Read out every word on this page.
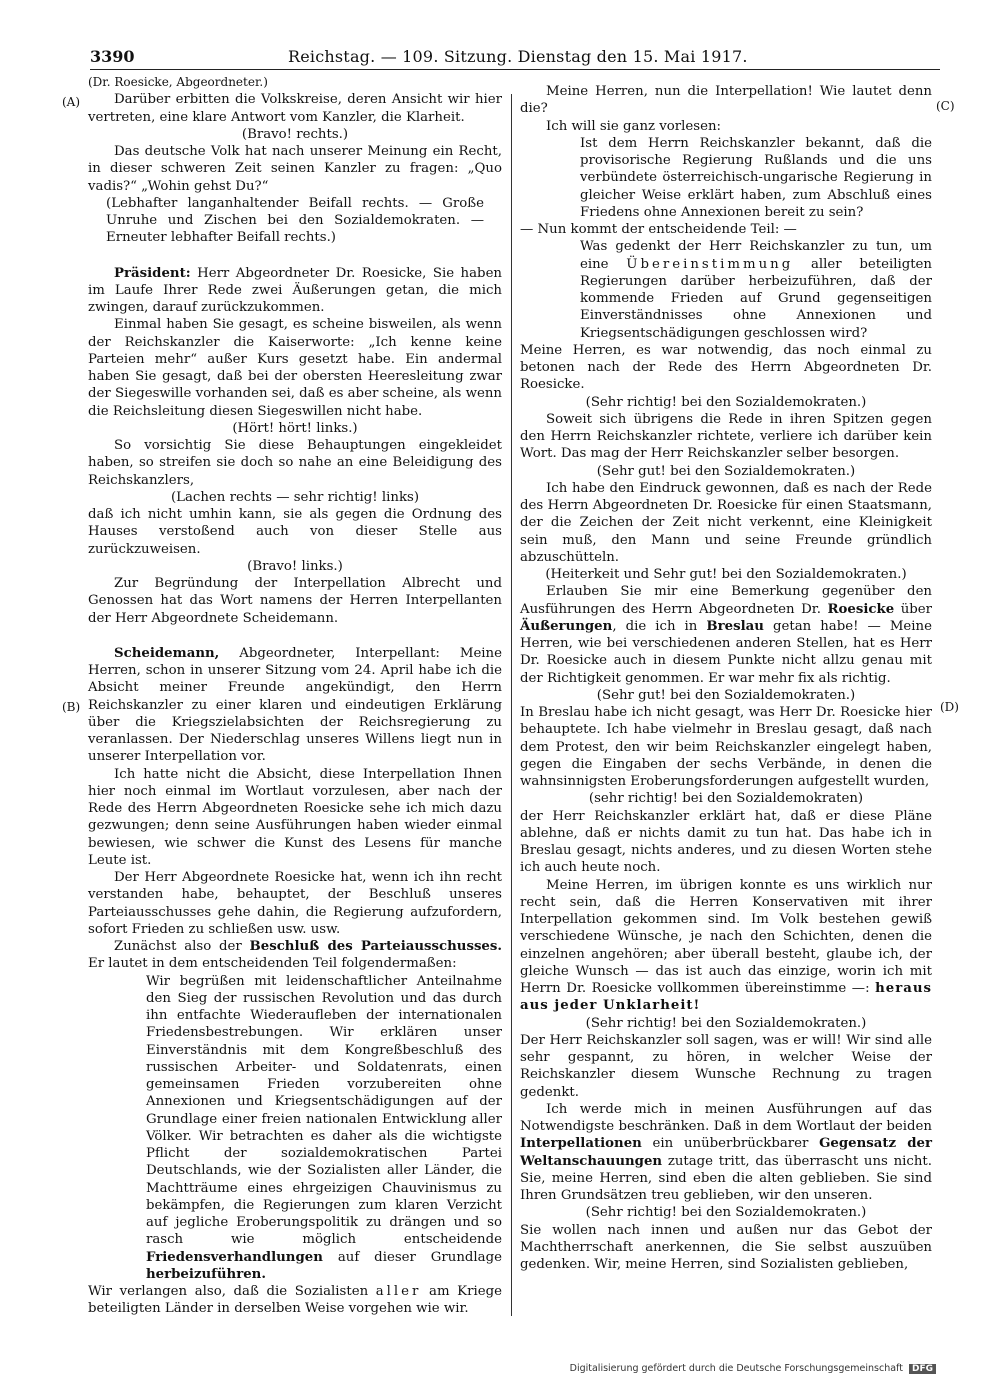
3390	Reichstag. — 109. Sitzung. Dienstag den 15. Mai 1917.
(A)
(B)
(C)
(D)

(Dr. Roesicke, Abgeordneter.)

Darüber erbitten die Volkskreise, deren Ansicht wir hier vertreten, eine klare Antwort vom Kanzler, die Klarheit.

(Bravo! rechts.)

Das deutsche Volk hat nach unserer Meinung ein Recht, in dieser schweren Zeit seinen Kanzler zu fragen: „Quo vadis?“ „Wohin gehst Du?“

(Lebhafter langanhaltender Beifall rechts. — Große Unruhe und Zischen bei den Sozialdemokraten. — Erneuter lebhafter Beifall rechts.)

Präsident: Herr Abgeordneter Dr. Roesicke, Sie haben im Laufe Ihrer Rede zwei Äußerungen getan, die mich zwingen, darauf zurückzukommen.

Einmal haben Sie gesagt, es scheine bisweilen, als wenn der Reichskanzler die Kaiserworte: „Ich kenne keine Parteien mehr“ außer Kurs gesetzt habe. Ein andermal haben Sie gesagt, daß bei der obersten Heeresleitung zwar der Siegeswille vorhanden sei, daß es aber scheine, als wenn die Reichsleitung diesen Siegeswillen nicht habe.

(Hört! hört! links.)

So vorsichtig Sie diese Behauptungen eingekleidet haben, so streifen sie doch so nahe an eine Beleidigung des Reichskanzlers,

(Lachen rechts — sehr richtig! links)

daß ich nicht umhin kann, sie als gegen die Ordnung des Hauses verstoßend auch von dieser Stelle aus zurückzuweisen.

(Bravo! links.)

Zur Begründung der Interpellation Albrecht und Genossen hat das Wort namens der Herren Interpellanten der Herr Abgeordnete Scheidemann.

Scheidemann, Abgeordneter, Interpellant: Meine Herren, schon in unserer Sitzung vom 24. April habe ich die Absicht meiner Freunde angekündigt, den Herrn Reichskanzler zu einer klaren und eindeutigen Erklärung über die Kriegszielabsichten der Reichsregierung zu veranlassen. Der Niederschlag unseres Willens liegt nun in unserer Interpellation vor.

Ich hatte nicht die Absicht, diese Interpellation Ihnen hier noch einmal im Wortlaut vorzulesen, aber nach der Rede des Herrn Abgeordneten Roesicke sehe ich mich dazu gezwungen; denn seine Ausführungen haben wieder einmal bewiesen, wie schwer die Kunst des Lesens für manche Leute ist.

Der Herr Abgeordnete Roesicke hat, wenn ich ihn recht verstanden habe, behauptet, der Beschluß unseres Parteiausschusses gehe dahin, die Regierung aufzufordern, sofort Frieden zu schließen usw. usw.

Zunächst also der Beschluß des Parteiausschusses. Er lautet in dem entscheidenden Teil folgendermaßen:

Wir begrüßen mit leidenschaftlicher Anteilnahme den Sieg der russischen Revolution und das durch ihn entfachte Wiederaufleben der internationalen Friedensbestrebungen. Wir erklären unser Einverständnis mit dem Kongreßbeschluß des russischen Arbeiter- und Soldatenrats, einen gemeinsamen Frieden vorzubereiten ohne Annexionen und Kriegsentschädigungen auf der Grundlage einer freien nationalen Entwicklung aller Völker. Wir betrachten es daher als die wichtigste Pflicht der sozialdemokratischen Partei Deutschlands, wie der Sozialisten aller Länder, die Machtträume eines ehrgeizigen Chauvinismus zu bekämpfen, die Regierungen zum klaren Verzicht auf jegliche Eroberungspolitik zu drängen und so rasch wie möglich entscheidende Friedensverhandlungen auf dieser Grundlage herbeizuführen.

Wir verlangen also, daß die Sozialisten aller am Kriege beteiligten Länder in derselben Weise vorgehen wie wir.

Meine Herren, nun die Interpellation! Wie lautet denn die?

Ich will sie ganz vorlesen:

Ist dem Herrn Reichskanzler bekannt, daß die provisorische Regierung Rußlands und die uns verbündete österreichisch-ungarische Regierung in gleicher Weise erklärt haben, zum Abschluß eines Friedens ohne Annexionen bereit zu sein?

— Nun kommt der entscheidende Teil: —

Was gedenkt der Herr Reichskanzler zu tun, um eine Übereinstimmung aller beteiligten Regierungen darüber herbeizuführen, daß der kommende Frieden auf Grund gegenseitigen Einverständnisses ohne Annexionen und Kriegsentschädigungen geschlossen wird?

Meine Herren, es war notwendig, das noch einmal zu betonen nach der Rede des Herrn Abgeordneten Dr. Roesicke.

(Sehr richtig! bei den Sozialdemokraten.)

Soweit sich übrigens die Rede in ihren Spitzen gegen den Herrn Reichskanzler richtete, verliere ich darüber kein Wort. Das mag der Herr Reichskanzler selber besorgen.

(Sehr gut! bei den Sozialdemokraten.)

Ich habe den Eindruck gewonnen, daß es nach der Rede des Herrn Abgeordneten Dr. Roesicke für einen Staatsmann, der die Zeichen der Zeit nicht verkennt, eine Kleinigkeit sein muß, den Mann und seine Freunde gründlich abzuschütteln.

(Heiterkeit und Sehr gut! bei den Sozialdemokraten.)

Erlauben Sie mir eine Bemerkung gegenüber den Ausführungen des Herrn Abgeordneten Dr. Roesicke über Äußerungen, die ich in Breslau getan habe! — Meine Herren, wie bei verschiedenen anderen Stellen, hat es Herr Dr. Roesicke auch in diesem Punkte nicht allzu genau mit der Richtigkeit genommen. Er war mehr fix als richtig.

(Sehr gut! bei den Sozialdemokraten.)

In Breslau habe ich nicht gesagt, was Herr Dr. Roesicke hier behauptete. Ich habe vielmehr in Breslau gesagt, daß nach dem Protest, den wir beim Reichskanzler eingelegt haben, gegen die Eingaben der sechs Verbände, in denen die wahnsinnigsten Eroberungsforderungen aufgestellt wurden,

(sehr richtig! bei den Sozialdemokraten)

der Herr Reichskanzler erklärt hat, daß er diese Pläne ablehne, daß er nichts damit zu tun hat. Das habe ich in Breslau gesagt, nichts anderes, und zu diesen Worten stehe ich auch heute noch.

Meine Herren, im übrigen konnte es uns wirklich nur recht sein, daß die Herren Konservativen mit ihrer Interpellation gekommen sind. Im Volk bestehen gewiß verschiedene Wünsche, je nach den Schichten, denen die einzelnen angehören; aber überall besteht, glaube ich, der gleiche Wunsch — das ist auch das einzige, worin ich mit Herrn Dr. Roesicke vollkommen übereinstimme —: heraus aus jeder Unklarheit!

(Sehr richtig! bei den Sozialdemokraten.)

Der Herr Reichskanzler soll sagen, was er will! Wir sind alle sehr gespannt, zu hören, in welcher Weise der Reichskanzler diesem Wunsche Rechnung zu tragen gedenkt.

Ich werde mich in meinen Ausführungen auf das Notwendigste beschränken. Daß in dem Wortlaut der beiden Interpellationen ein unüberbrückbarer Gegensatz der Weltanschauungen zutage tritt, das überrascht uns nicht. Sie, meine Herren, sind eben die alten geblieben. Sie sind Ihren Grundsätzen treu geblieben, wir den unseren.

(Sehr richtig! bei den Sozialdemokraten.)

Sie wollen nach innen und außen nur das Gebot der Machtherrschaft anerkennen, die Sie selbst auszuüben gedenken. Wir, meine Herren, sind Sozialisten geblieben,

Digitalisierung gefördert durch die Deutsche Forschungsgemeinschaft DFG
